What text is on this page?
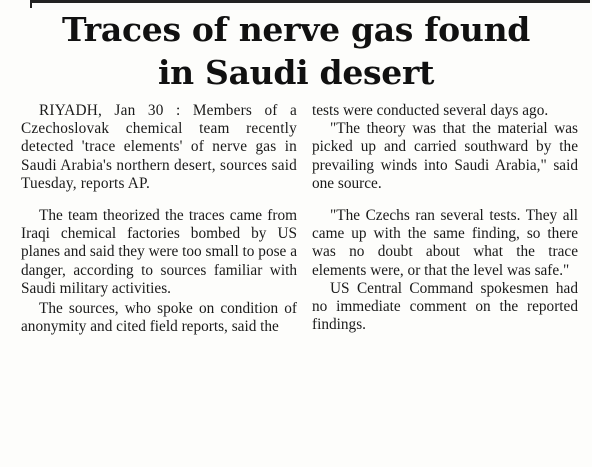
Traces of nerve gas found
in Saudi desert

RIYADH, Jan 30 : Members of a Czechoslovak chemical team recently detected 'trace elements' of nerve gas in Saudi Arabia's northern desert, sources said Tuesday, reports AP.

The team theorized the traces came from Iraqi chemical factories bombed by US planes and said they were too small to pose a danger, according to sources familiar with Saudi military activities.

The sources, who spoke on condition of anonymity and cited field reports, said the

tests were conducted several days ago.

"The theory was that the material was picked up and carried southward by the prevailing winds into Saudi Arabia," said one source.

"The Czechs ran several tests. They all came up with the same finding, so there was no doubt about what the trace elements were, or that the level was safe."

US Central Command spokesmen had no immediate comment on the reported findings.
